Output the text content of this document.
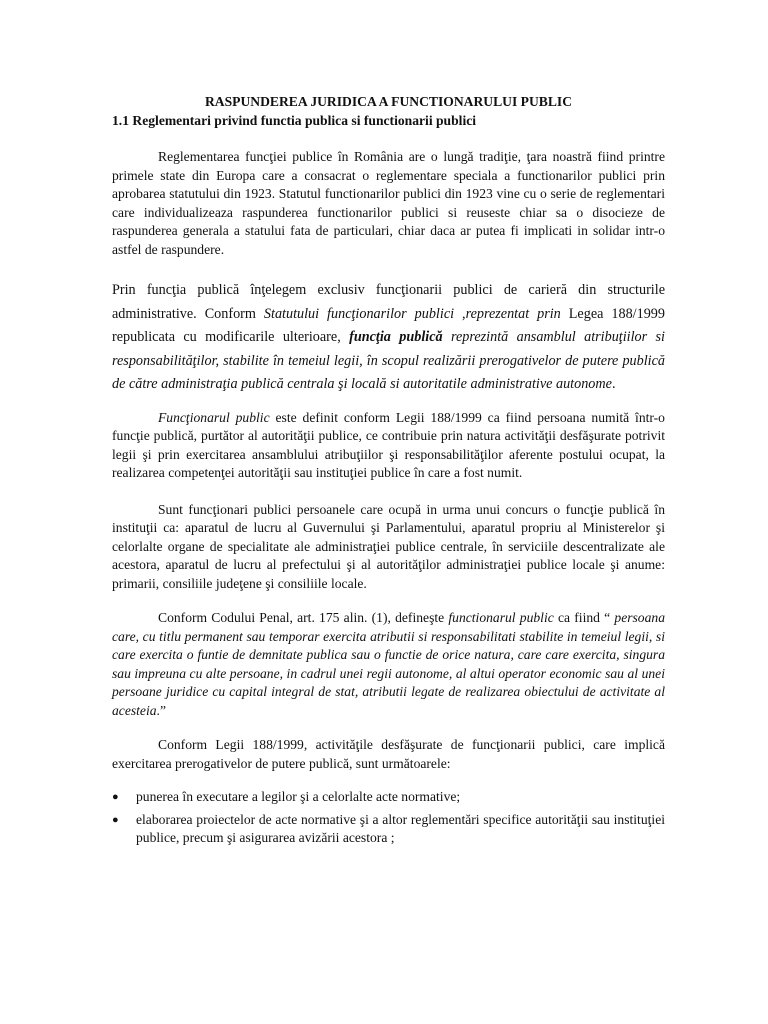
RASPUNDEREA JURIDICA A FUNCTIONARULUI PUBLIC
1.1 Reglementari privind functia publica si functionarii publici

Reglementarea funcţiei publice în România are o lungă tradiţie, ţara noastră fiind printre primele state din Europa care a consacrat o reglementare speciala a functionarilor publici prin aprobarea statutului din 1923. Statutul functionarilor publici din 1923 vine cu o serie de reglementari care individualizeaza raspunderea functionarilor publici si reuseste chiar sa o disocieze de raspunderea generala a statului fata de particulari, chiar daca ar putea fi implicati in solidar intr-o astfel de raspundere.

Prin funcţia publică înţelegem exclusiv funcţionarii publici de carieră din structurile administrative. Conform Statutului funcţionarilor publici ,reprezentat prin Legea 188/1999 republicata cu modificarile ulterioare, funcţia publică reprezintă ansamblul atribuţiilor si responsabilităţilor, stabilite în temeiul legii, în scopul realizării prerogativelor de putere publică de către administraţia publică centrala şi locală si autoritatile administrative autonome.

Funcţionarul public este definit conform Legii 188/1999 ca fiind persoana numită într-o funcţie publică, purtător al autorităţii publice, ce contribuie prin natura activităţii desfăşurate potrivit legii şi prin exercitarea ansamblului atribuţiilor şi responsabilităţilor aferente postului ocupat, la realizarea competenţei autorităţii sau instituţiei publice în care a fost numit.

Sunt funcţionari publici persoanele care ocupă in urma unui concurs o funcţie publică în instituţii ca: aparatul de lucru al Guvernului şi Parlamentului, aparatul propriu al Ministerelor şi celorlalte organe de specialitate ale administraţiei publice centrale, în serviciile descentralizate ale acestora, aparatul de lucru al prefectului şi al autorităţilor administraţiei publice locale şi anume: primarii, consiliile judeţene şi consiliile locale.

Conform Codului Penal, art. 175 alin. (1), defineşte functionarul public ca fiind “ persoana care, cu titlu permanent sau temporar exercita atributii si responsabilitati stabilite in temeiul legii, si care exercita o funtie de demnitate publica sau o functie de orice natura, care care exercita, singura sau impreuna cu alte persoane, in cadrul unei regii autonome, al altui operator economic sau al unei persoane juridice cu capital integral de stat, atributii legate de realizarea obiectului de activitate al acesteia.”

Conform Legii 188/1999, activităţile desfăşurate de funcţionarii publici, care implică exercitarea prerogativelor de putere publică, sunt următoarele:

● punerea în executare a legilor şi a celorlalte acte normative;
● elaborarea proiectelor de acte normative şi a altor reglementări specifice autorităţii sau instituţiei publice, precum şi asigurarea avizării acestora ;
